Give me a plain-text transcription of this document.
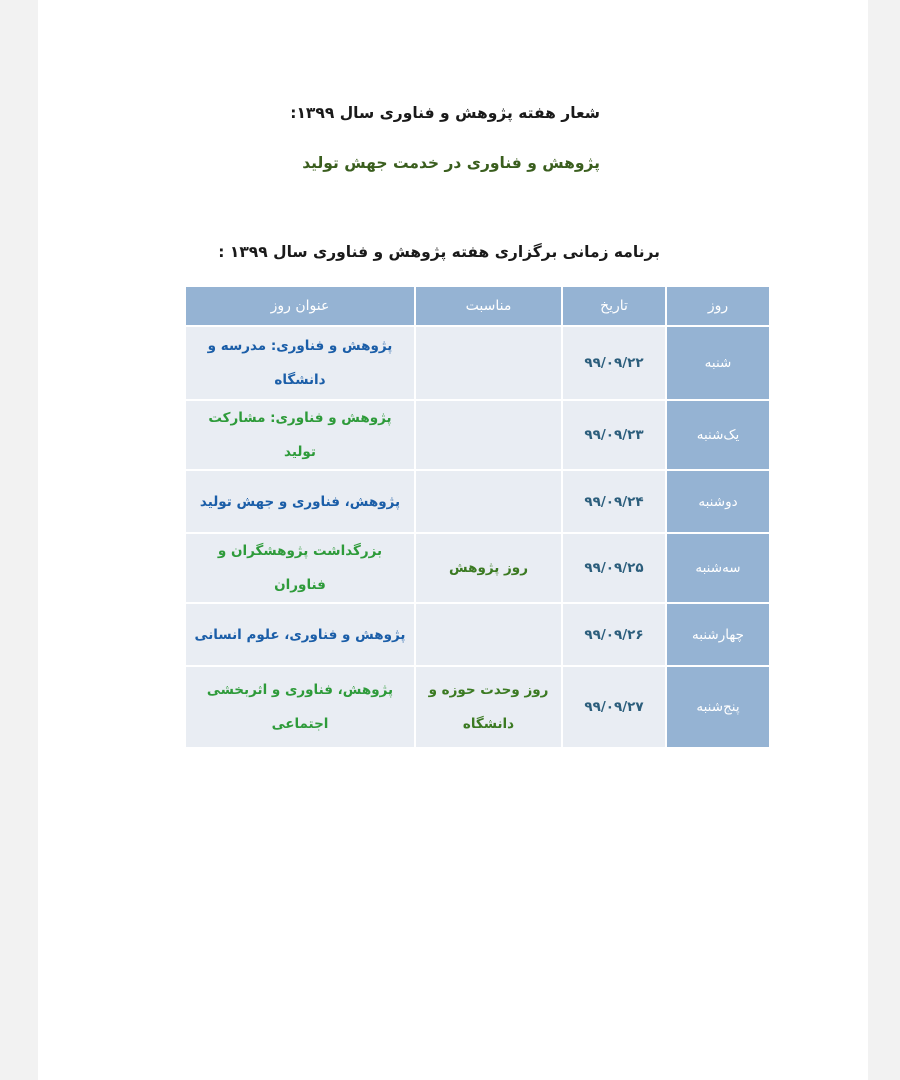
شعار هفته پژوهش و فناوری سال ۱۳۹۹:
پژوهش و فناوری در خدمت جهش تولید
برنامه زمانی برگزاری هفته پژوهش و فناوری سال ۱۳۹۹ :
روز	تاریخ	مناسبت	عنوان روز
شنبه	۹۹/۰۹/۲۲		پژوهش و فناوری: مدرسه و دانشگاه
یک‌شنبه	۹۹/۰۹/۲۳		پژوهش و فناوری: مشارکت تولید
دوشنبه	۹۹/۰۹/۲۴		پژوهش، فناوری و جهش تولید
سه‌شنبه	۹۹/۰۹/۲۵	روز پژوهش	بزرگداشت پژوهشگران و فناوران
چهارشنبه	۹۹/۰۹/۲۶		پژوهش و فناوری، علوم انسانی
پنج‌شنبه	۹۹/۰۹/۲۷	روز وحدت حوزه و دانشگاه	پژوهش، فناوری و اثربخشی اجتماعی
